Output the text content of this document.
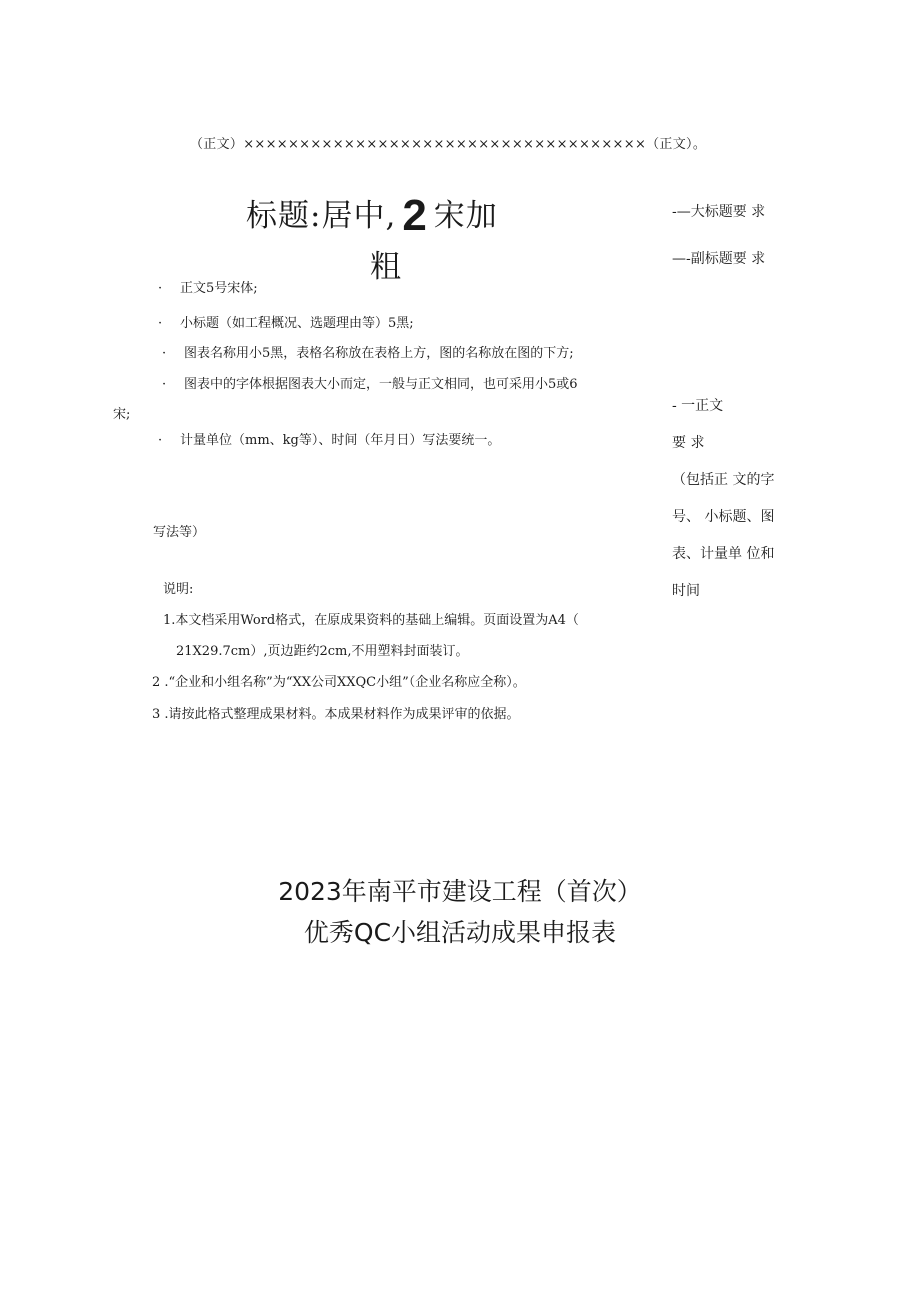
（正文）××××××××××××××××××××××××××××××××××××（正文）。
标题:居中, 2 宋加
粗
-—大标题要 求
—-副标题要 求
· 正文5号宋体;
· 小标题（如工程概况、选题理由等）5黑;
· 图表名称用小5黑，表格名称放在表格上方，图的名称放在图的下方;
· 图表中的字体根据图表大小而定，一般与正文相同，也可采用小5或6
宋;
· 计量单位（mm、kg等）、时间（年月日）写法要统一。
- 一正文
要 求
（包括正 文的字
号、 小标题、图
表、计量单 位和
时间
写法等）
说明:
1.本文档采用Word格式，在原成果资料的基础上编辑。页面设置为A4（
21X29.7cm）,页边距约2cm,不用塑料封面装订。
2 .“企业和小组名称”为“XX公司XXQC小组”（企业名称应全称）。
3 .请按此格式整理成果材料。本成果材料作为成果评审的依据。
2023年南平市建设工程（首次）
优秀QC小组活动成果申报表
